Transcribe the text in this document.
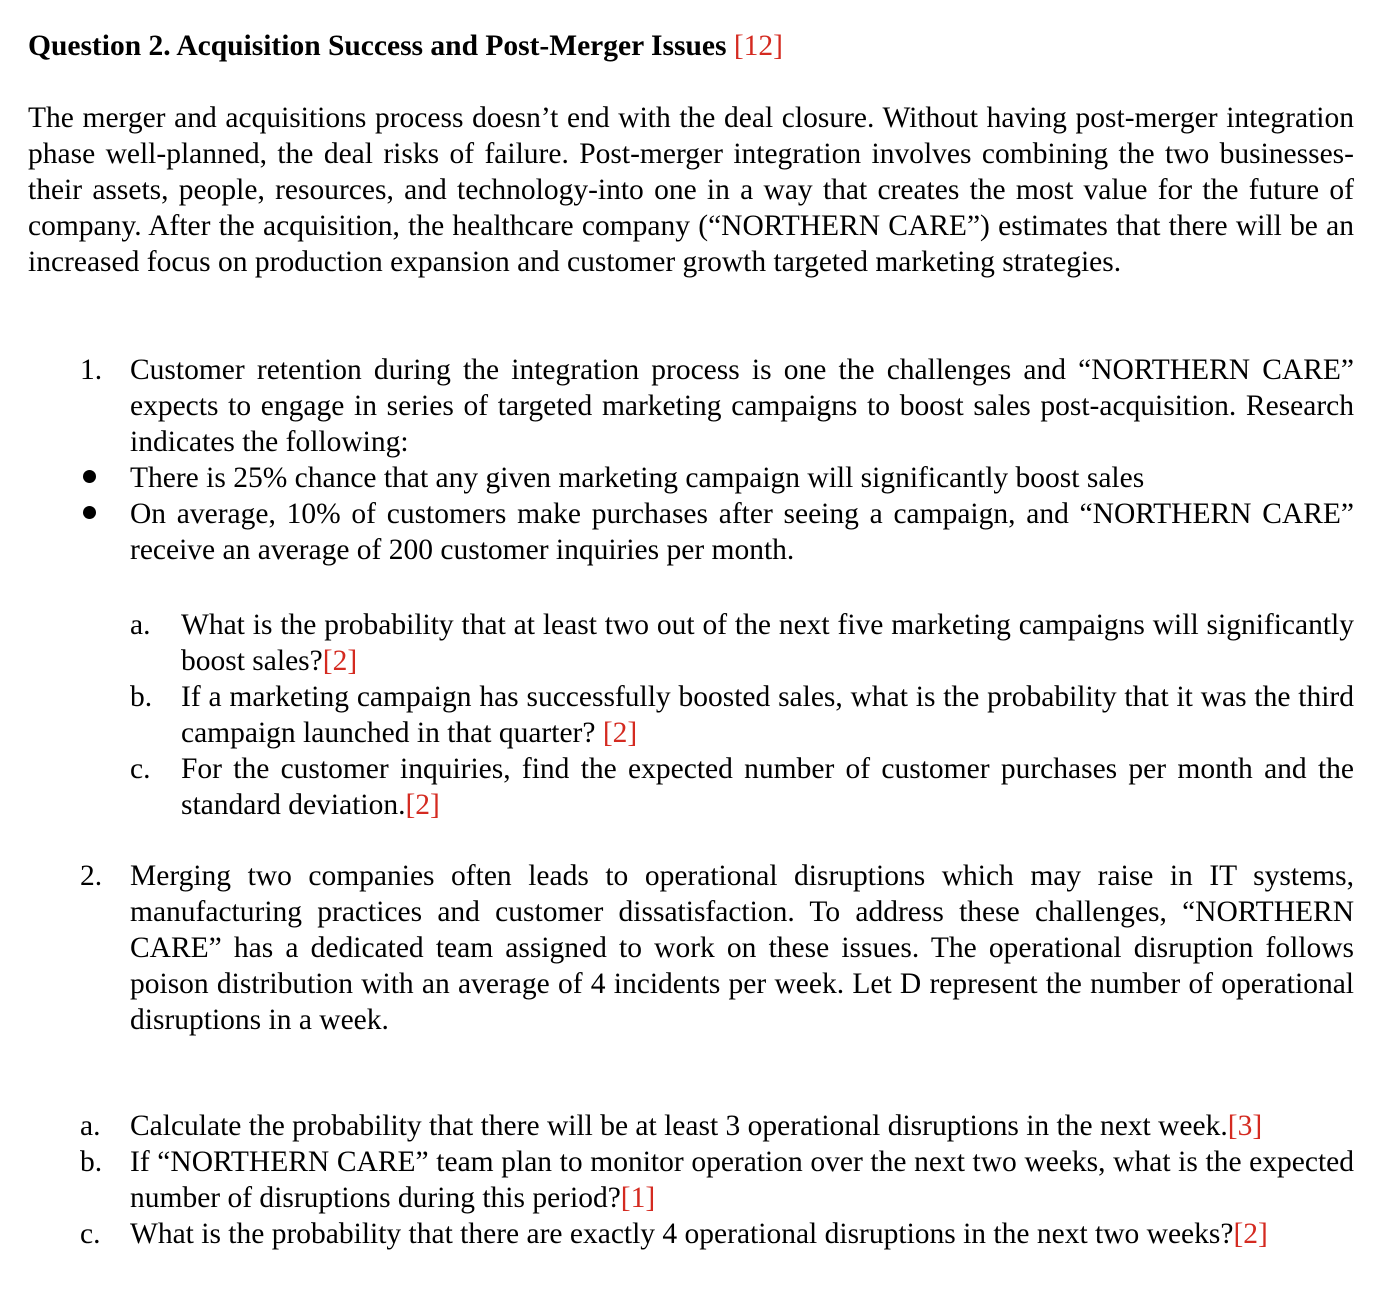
Question 2. Acquisition Success and Post-Merger Issues [12]
The merger and acquisitions process doesn’t end with the deal closure. Without having post-merger integration phase well-planned, the deal risks of failure. Post-merger integration involves combining the two businesses-their assets, people, resources, and technology-into one in a way that creates the most value for the future of company. After the acquisition, the healthcare company (“NORTHERN CARE”) estimates that there will be an increased focus on production expansion and customer growth targeted marketing strategies.
1. Customer retention during the integration process is one the challenges and “NORTHERN CARE” expects to engage in series of targeted marketing campaigns to boost sales post-acquisition. Research indicates the following:
There is 25% chance that any given marketing campaign will significantly boost sales
On average, 10% of customers make purchases after seeing a campaign, and “NORTHERN CARE” receive an average of 200 customer inquiries per month.
a. What is the probability that at least two out of the next five marketing campaigns will significantly boost sales?[2]
b. If a marketing campaign has successfully boosted sales, what is the probability that it was the third campaign launched in that quarter? [2]
c. For the customer inquiries, find the expected number of customer purchases per month and the standard deviation.[2]
2. Merging two companies often leads to operational disruptions which may raise in IT systems, manufacturing practices and customer dissatisfaction. To address these challenges, “NORTHERN CARE” has a dedicated team assigned to work on these issues. The operational disruption follows poison distribution with an average of 4 incidents per week. Let D represent the number of operational disruptions in a week.
a. Calculate the probability that there will be at least 3 operational disruptions in the next week.[3]
b. If “NORTHERN CARE” team plan to monitor operation over the next two weeks, what is the expected number of disruptions during this period?[1]
c. What is the probability that there are exactly 4 operational disruptions in the next two weeks?[2]
